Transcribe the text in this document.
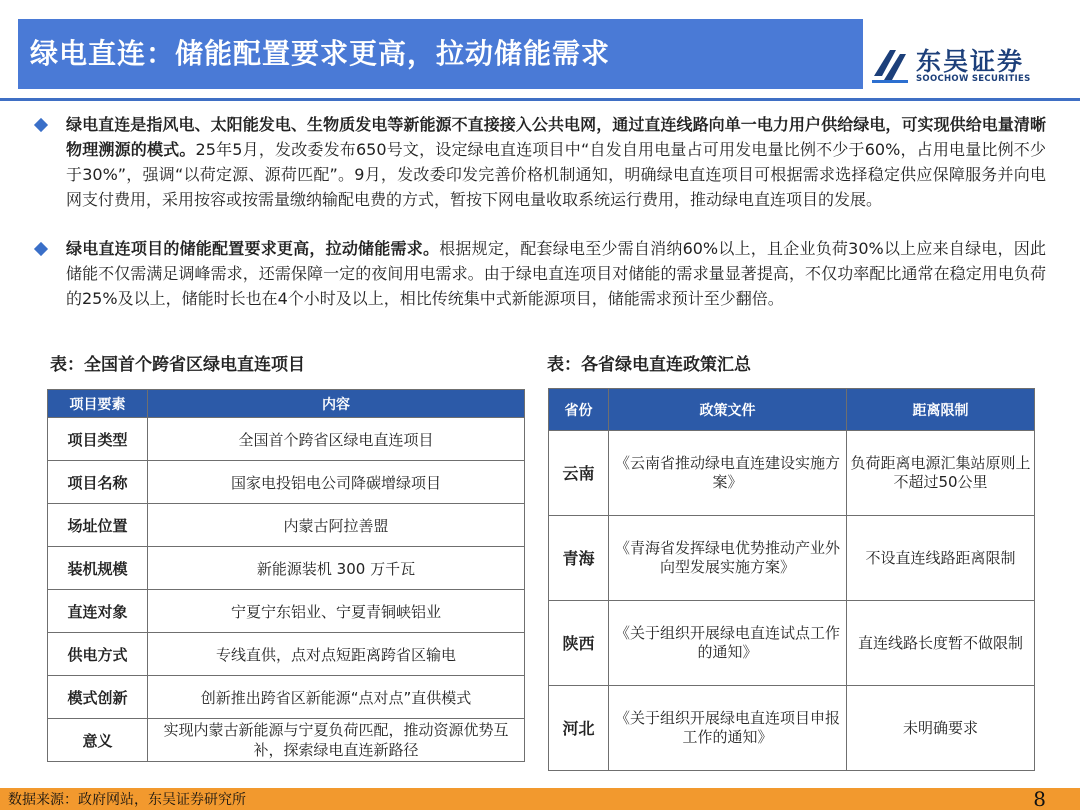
绿电直连：储能配置要求更高，拉动储能需求	东吴证券
SOOCHOW SECURITIES
绿电直连是指风电、太阳能发电、生物质发电等新能源不直接接入公共电网，通过直连线路向单一电力用户供给绿电，可实现供给电量清晰物理溯源的模式。25年5月，发改委发布650号文，设定绿电直连项目中“自发自用电量占可用发电量比例不少于60%，占用电量比例不少于30%”，强调“以荷定源、源荷匹配”。9月，发改委印发完善价格机制通知，明确绿电直连项目可根据需求选择稳定供应保障服务并向电网支付费用，采用按容或按需量缴纳输配电费的方式，暂按下网电量收取系统运行费用，推动绿电直连项目的发展。
绿电直连项目的储能配置要求更高，拉动储能需求。根据规定，配套绿电至少需自消纳60%以上，且企业负荷30%以上应来自绿电，因此储能不仅需满足调峰需求，还需保障一定的夜间用电需求。由于绿电直连项目对储能的需求量显著提高，不仅功率配比通常在稳定用电负荷的25%及以上，储能时长也在4个小时及以上，相比传统集中式新能源项目，储能需求预计至少翻倍。
表：全国首个跨省区绿电直连项目	表：各省绿电直连政策汇总
项目要素	内容
项目类型	全国首个跨省区绿电直连项目
项目名称	国家电投铝电公司降碳增绿项目
场址位置	内蒙古阿拉善盟
装机规模	新能源装机 300 万千瓦
直连对象	宁夏宁东铝业、宁夏青铜峡铝业
供电方式	专线直供，点对点短距离跨省区输电
模式创新	创新推出跨省区新能源“点对点”直供模式
意义	实现内蒙古新能源与宁夏负荷匹配，推动资源优势互补，探索绿电直连新路径
省份	政策文件	距离限制
云南	《云南省推动绿电直连建设实施方案》	负荷距离电源汇集站原则上不超过50公里
青海	《青海省发挥绿电优势推动产业外向型发展实施方案》	不设直连线路距离限制
陕西	《关于组织开展绿电直连试点工作的通知》	直连线路长度暂不做限制
河北	《关于组织开展绿电直连项目申报工作的通知》	未明确要求
数据来源：政府网站，东吴证券研究所	8
